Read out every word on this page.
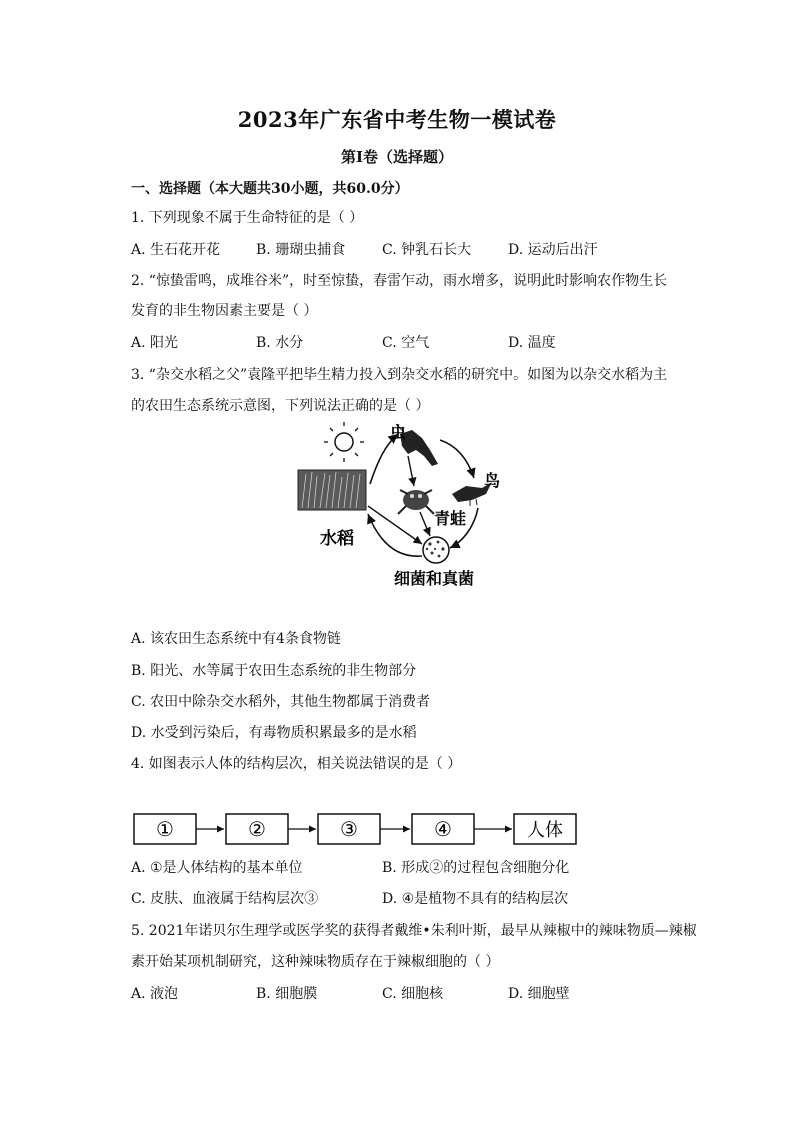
2023年广东省中考生物一模试卷
第I卷（选择题）
一、选择题（本大题共30小题，共60.0分）
1. 下列现象不属于生命特征的是（ ）
A. 生石花开花	B. 珊瑚虫捕食	C. 钟乳石长大	D. 运动后出汗
2. “惊蛰雷鸣，成堆谷米”，时至惊蛰，春雷乍动，雨水增多，说明此时影响农作物生长
发育的非生物因素主要是（ ）
A. 阳光	B. 水分	C. 空气	D. 温度
3. “杂交水稻之父”袁隆平把毕生精力投入到杂交水稻的研究中。如图为以杂交水稻为主
的农田生态系统示意图，下列说法正确的是（ ）
虫
鸟
青蛙
水稻
细菌和真菌
A. 该农田生态系统中有4条食物链
B. 阳光、水等属于农田生态系统的非生物部分
C. 农田中除杂交水稻外，其他生物都属于消费者
D. 水受到污染后，有毒物质积累最多的是水稻
4. 如图表示人体的结构层次，相关说法错误的是（ ）
①	②	③	④	人体
A. ①是人体结构的基本单位	B. 形成②的过程包含细胞分化
C. 皮肤、血液属于结构层次③	D. ④是植物不具有的结构层次
5. 2021年诺贝尔生理学或医学奖的获得者戴维•朱利叶斯，最早从辣椒中的辣味物质—辣椒
素开始某项机制研究，这种辣味物质存在于辣椒细胞的（ ）
A. 液泡	B. 细胞膜	C. 细胞核	D. 细胞壁
